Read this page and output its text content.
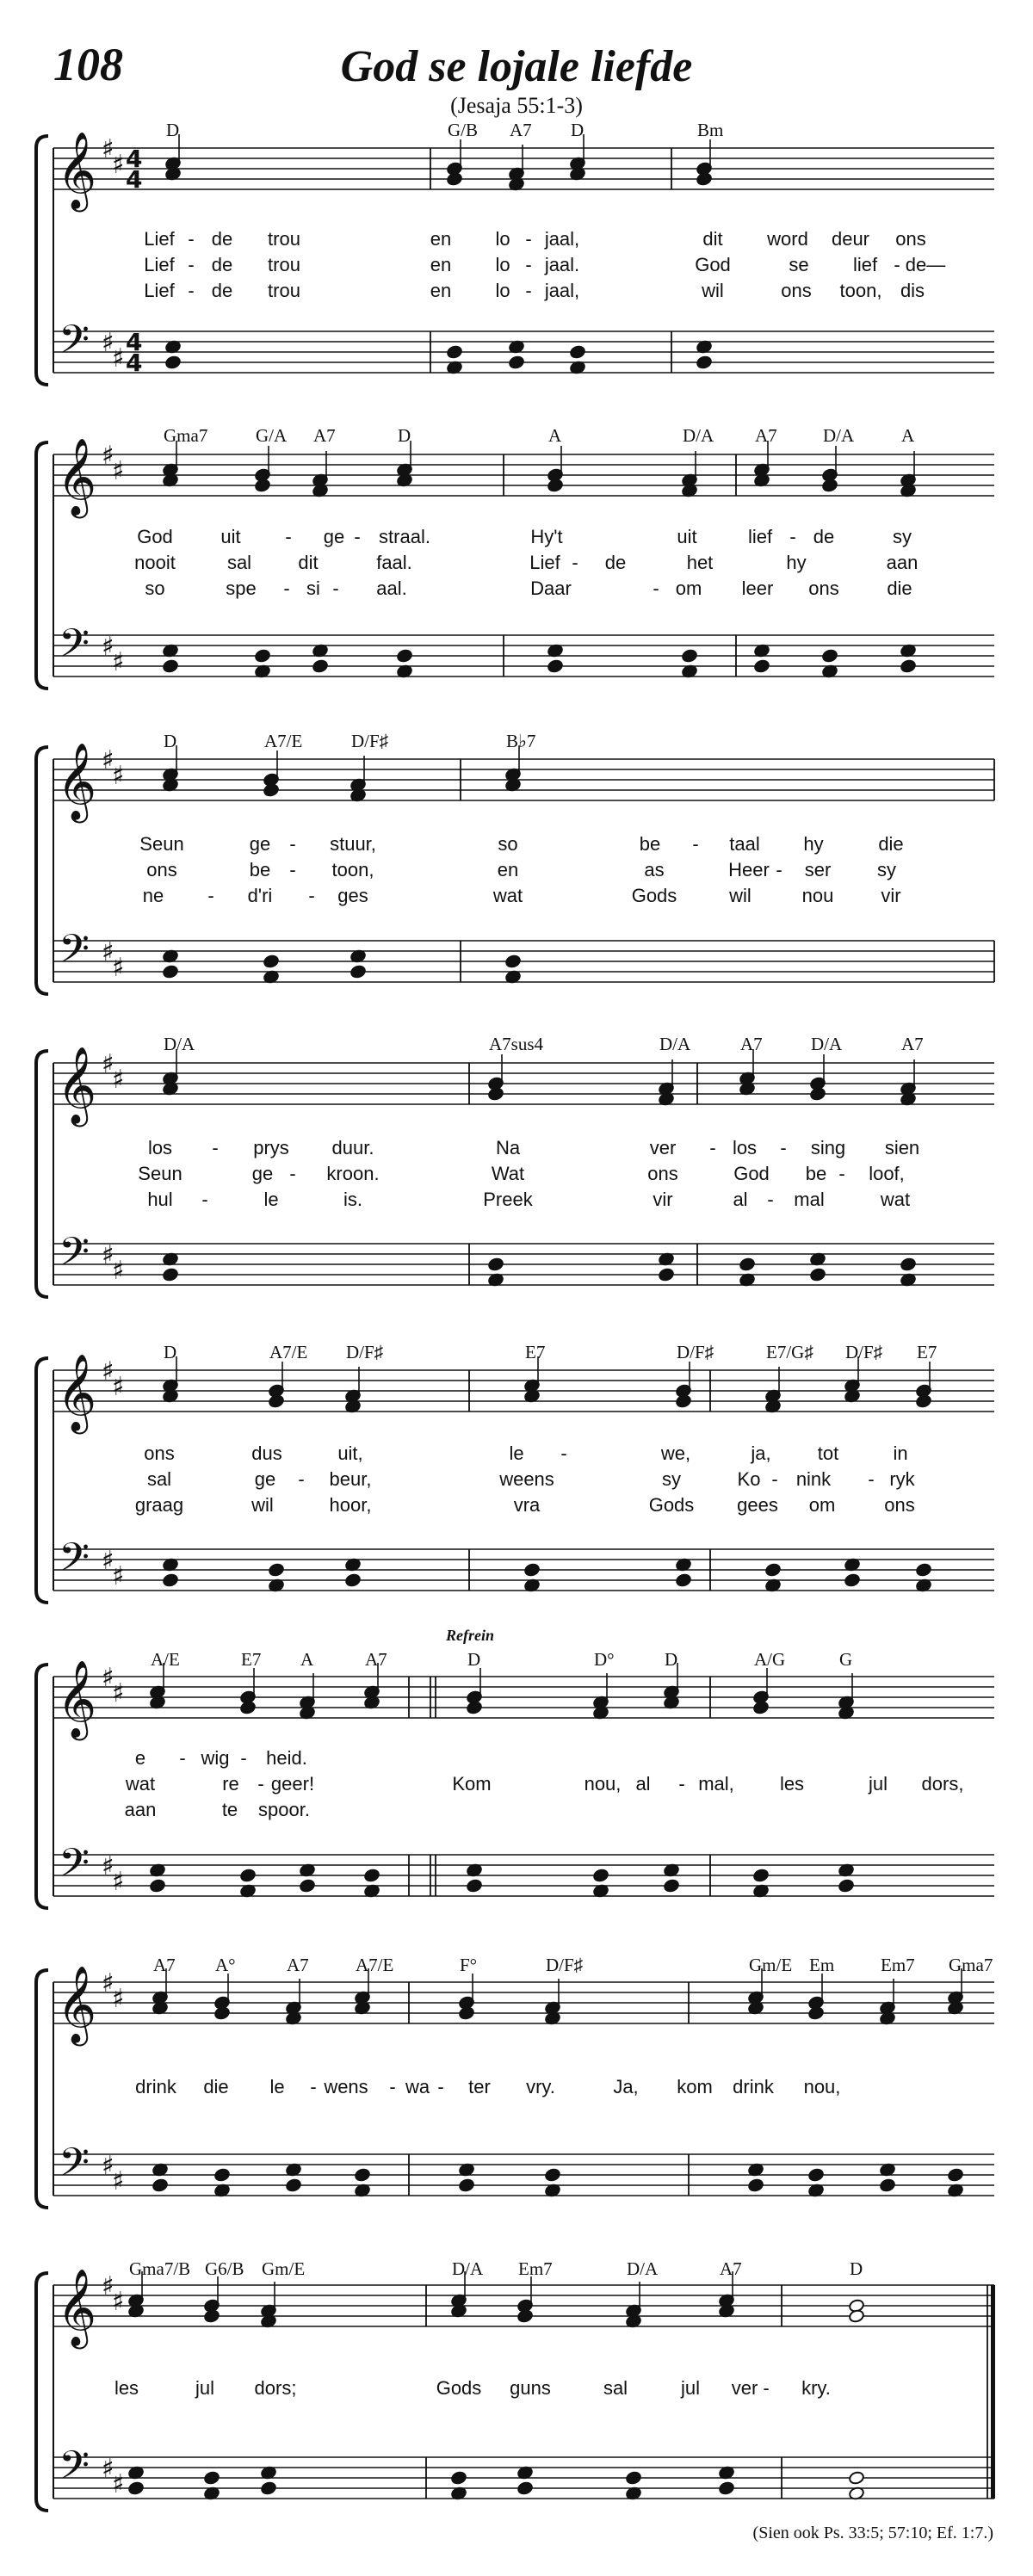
108	God se lojale liefde
(Jesaja 55:1-3)
(Sien ook Ps. 33:5; 57:10; Ef. 1:7.)
𝄞
𝄢
♯
♯
♯
♯
4
4
4
4
D	G/B A7 D	Bm
Lief - de trou	en lo - jaal,	dit word deur ons
Lief - de trou	en lo - jaal.	God	se lief - de—
Lief - de trou	en lo - jaal,	wil	ons toon, dis
𝄞
𝄢
♯
♯
♯
♯
Gma7	G/A A7	D	A	D/A A7	D/A	A
God	uit - ge - straal.	Hy't	uit	lief - de	sy
nooit	sal dit	faal.	Lief - de	het	hy	aan
so	spe - si - aal.	Daar	- om leer ons	die
𝄞
𝄢
♯
♯
♯
♯
D	A7/E	D/F♯	B♭7
Seun	ge - stuur,	so	be - taal hy	die
ons	be - toon,	en	as	Heer - ser sy
ne - d'ri - ges	wat	Gods	wil	nou	vir
𝄞
𝄢
♯
♯
♯
♯
D/A	A7sus4	D/A	A7	D/A	A7
los - prys duur.	Na	ver - los - sing sien
Seun	ge - kroon.	Wat	ons	God be - loof,
hul -	le	is.	Preek	vir	al - mal	wat
𝄞
𝄢
♯
♯
♯
♯
D	A7/E D/F♯	E7	D/F♯	E7/G♯ D/F♯ E7
ons	dus	uit,	le -	we,	ja, tot	in
sal	ge - beur,	weens	sy	Ko - nink - ryk
graag	wil	hoor,	vra	Gods gees om	ons
𝄞
𝄢
♯
♯
♯
♯
Refrein
A/E	E7 A	A7	D	D°	D	A/G	G
e - wig - heid.
wat	re - geer!	Kom	nou, al - mal, les	jul dors,
aan	te spoor.
𝄞
𝄢
♯
♯
♯
♯
A7 A°	A7	A7/E	F°	D/F♯	Gm/E Em	Em7 Gma7
drink die le - wens - wa - ter vry.	Ja, kom drink nou,
𝄞
𝄢
♯
♯
♯
♯
Gma7/B G6/B Gm/E	D/A Em7	D/A	A7	D
les	jul dors;	Gods guns	sal	jul ver - kry.
